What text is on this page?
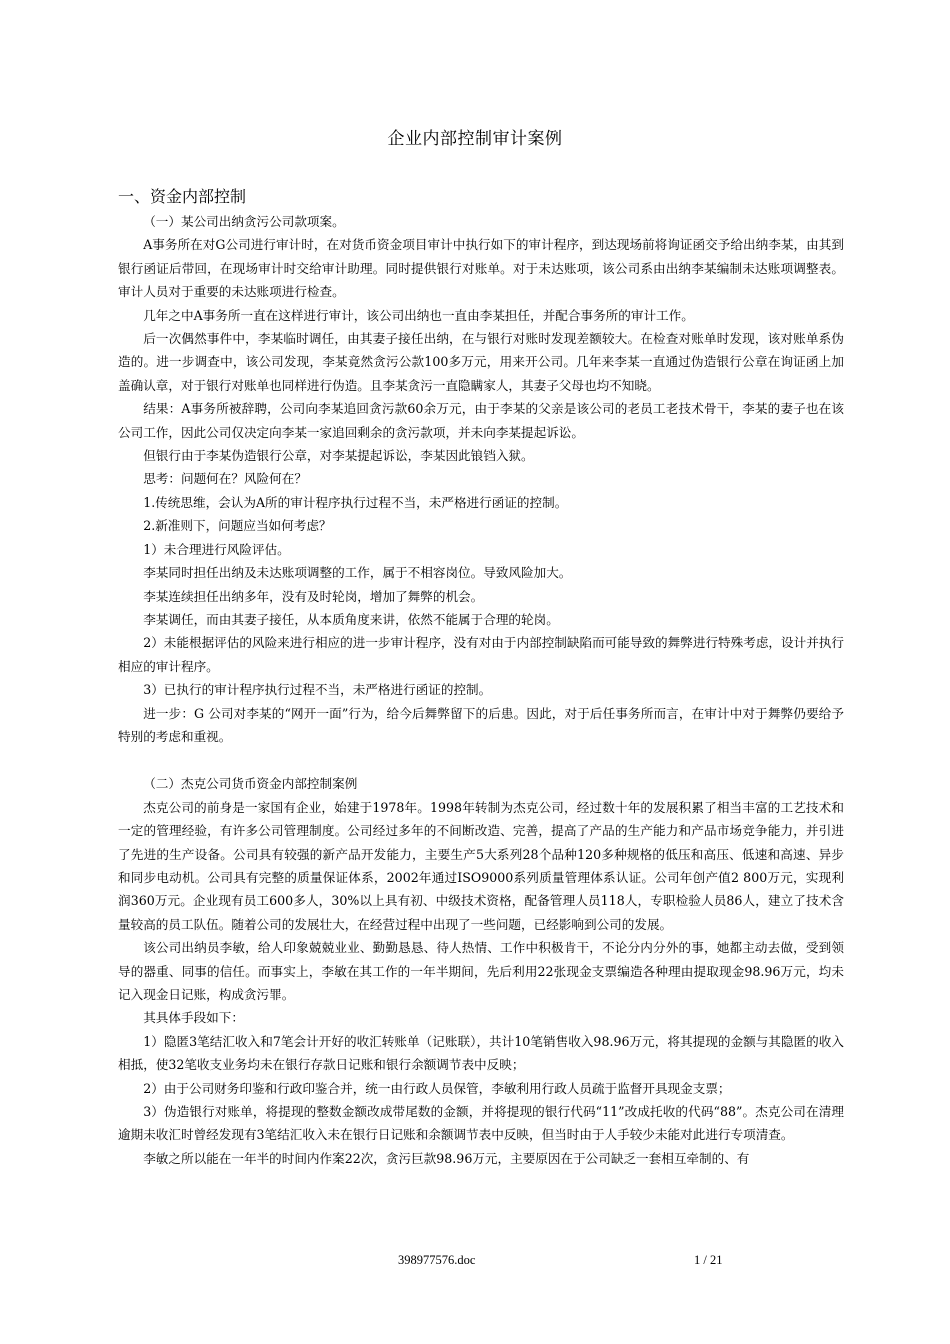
企业内部控制审计案例
一、资金内部控制

（一）某公司出纳贪污公司款项案。

A事务所在对G公司进行审计时，在对货币资金项目审计中执行如下的审计程序，到达现场前将询证函交予给出纳李某，由其到银行函证后带回，在现场审计时交给审计助理。同时提供银行对账单。对于未达账项，该公司系由出纳李某编制未达账项调整表。审计人员对于重要的未达账项进行检查。

几年之中A事务所一直在这样进行审计，该公司出纳也一直由李某担任，并配合事务所的审计工作。

后一次偶然事件中，李某临时调任，由其妻子接任出纳，在与银行对账时发现差额较大。在检查对账单时发现，该对账单系伪造的。进一步调查中，该公司发现，李某竟然贪污公款100多万元，用来开公司。几年来李某一直通过伪造银行公章在询证函上加盖确认章，对于银行对账单也同样进行伪造。且李某贪污一直隐瞒家人，其妻子父母也均不知晓。

结果：A事务所被辞聘，公司向李某追回贪污款60余万元，由于李某的父亲是该公司的老员工老技术骨干，李某的妻子也在该公司工作，因此公司仅决定向李某一家追回剩余的贪污款项，并未向李某提起诉讼。

但银行由于李某伪造银行公章，对李某提起诉讼，李某因此锒铛入狱。

思考：问题何在？风险何在？

1.传统思维，会认为A所的审计程序执行过程不当，未严格进行函证的控制。

2.新准则下，问题应当如何考虑？

1）未合理进行风险评估。

李某同时担任出纳及未达账项调整的工作，属于不相容岗位。导致风险加大。

李某连续担任出纳多年，没有及时轮岗，增加了舞弊的机会。

李某调任，而由其妻子接任，从本质角度来讲，依然不能属于合理的轮岗。

2）未能根据评估的风险来进行相应的进一步审计程序，没有对由于内部控制缺陷而可能导致的舞弊进行特殊考虑，设计并执行相应的审计程序。

3）已执行的审计程序执行过程不当，未严格进行函证的控制。

进一步：G 公司对李某的“网开一面”行为，给今后舞弊留下的后患。因此，对于后任事务所而言，在审计中对于舞弊仍要给予特别的考虑和重视。

（二）杰克公司货币资金内部控制案例

杰克公司的前身是一家国有企业，始建于1978年。1998年转制为杰克公司，经过数十年的发展积累了相当丰富的工艺技术和一定的管理经验，有许多公司管理制度。公司经过多年的不间断改造、完善，提高了产品的生产能力和产品市场竞争能力，并引进了先进的生产设备。公司具有较强的新产品开发能力，主要生产5大系列28个品种120多种规格的低压和高压、低速和高速、异步和同步电动机。公司具有完整的质量保证体系，2002年通过ISO9000系列质量管理体系认证。公司年创产值2 800万元，实现利润360万元。企业现有员工600多人，30%以上具有初、中级技术资格，配备管理人员118人，专职检验人员86人，建立了技术含量较高的员工队伍。随着公司的发展壮大，在经营过程中出现了一些问题，已经影响到公司的发展。

该公司出纳员李敏，给人印象兢兢业业、勤勤恳恳、待人热情、工作中积极肯干，不论分内分外的事，她都主动去做，受到领导的器重、同事的信任。而事实上，李敏在其工作的一年半期间，先后利用22张现金支票编造各种理由提取现金98.96万元，均未记入现金日记账，构成贪污罪。

其具体手段如下：

1）隐匿3笔结汇收入和7笔会计开好的收汇转账单（记账联），共计10笔销售收入98.96万元，将其提现的金额与其隐匿的收入相抵，使32笔收支业务均未在银行存款日记账和银行余额调节表中反映；

2）由于公司财务印鉴和行政印鉴合并，统一由行政人员保管，李敏利用行政人员疏于监督开具现金支票；

3）伪造银行对账单，将提现的整数金额改成带尾数的金额，并将提现的银行代码“11”改成托收的代码“88”。杰克公司在清理逾期未收汇时曾经发现有3笔结汇收入未在银行日记账和余额调节表中反映，但当时由于人手较少未能对此进行专项清查。

李敏之所以能在一年半的时间内作案22次，贪污巨款98.96万元，主要原因在于公司缺乏一套相互牵制的、有

398977576.doc	1 / 21
